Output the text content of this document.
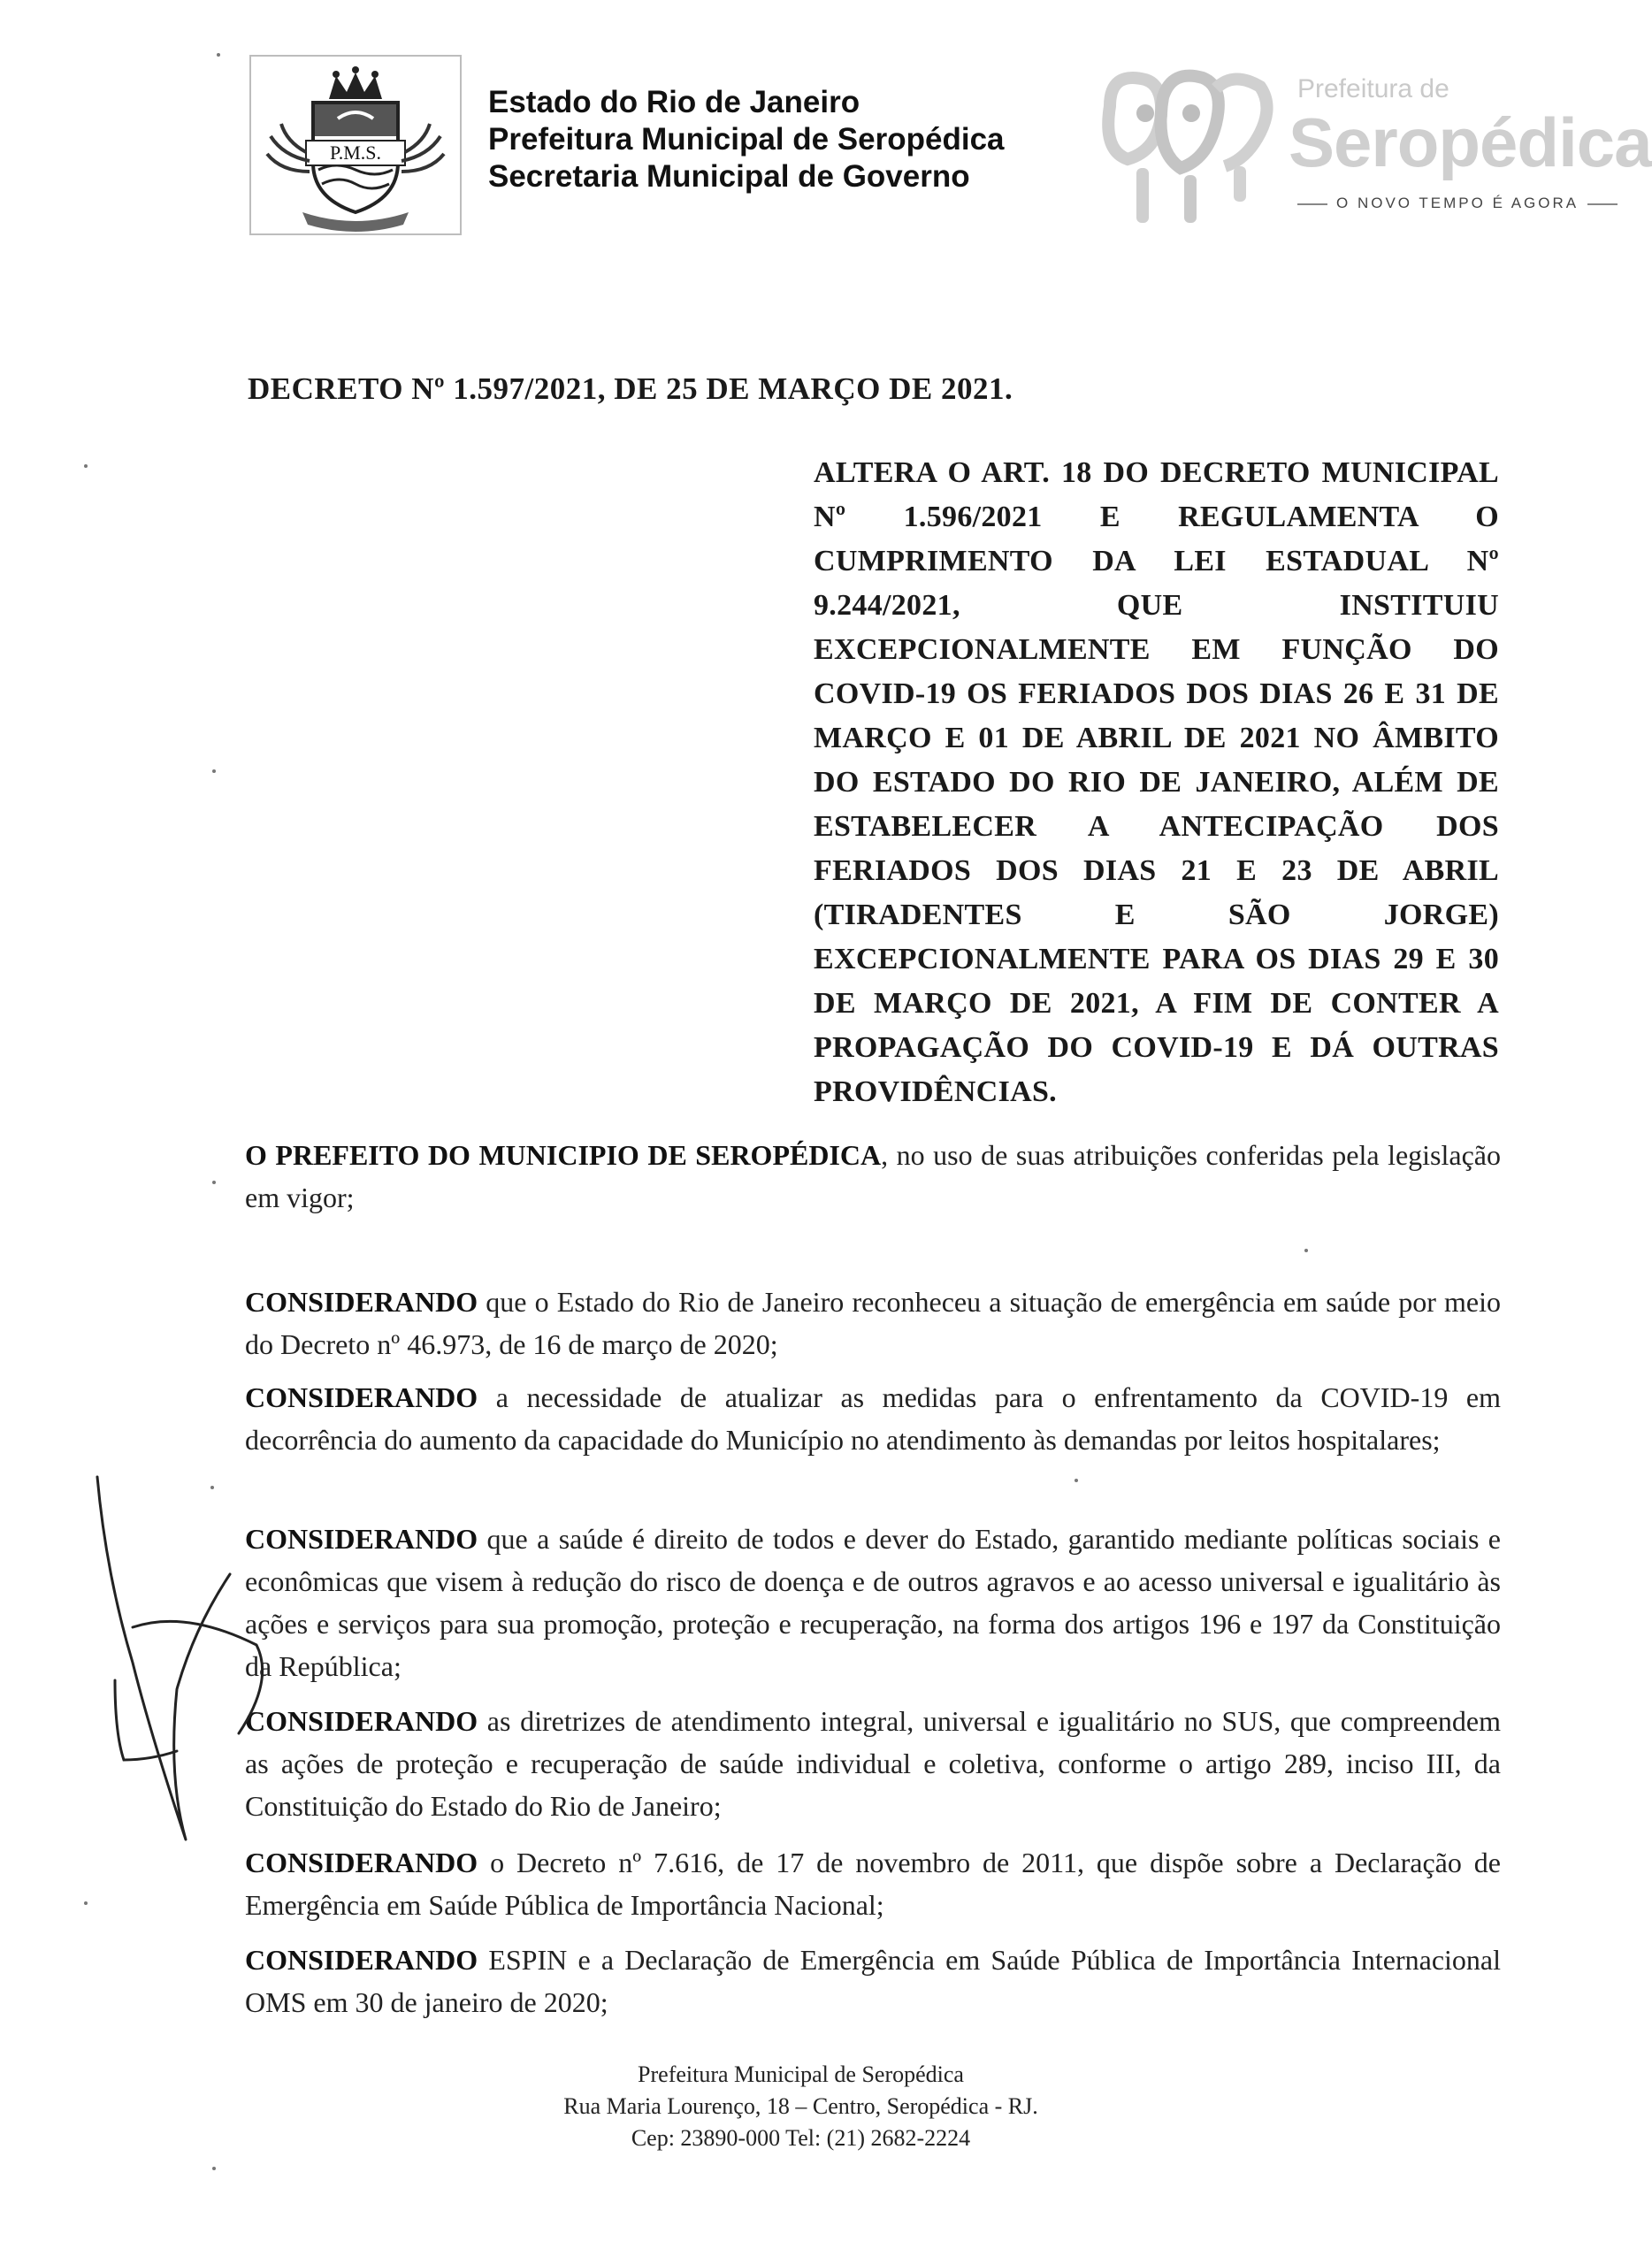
P.M.S.
Estado do Rio de Janeiro
Prefeitura Municipal de Seropédica
Secretaria Municipal de Governo
Prefeitura de
Seropédica
O NOVO TEMPO É AGORA
DECRETO Nº 1.597/2021, DE 25 DE MARÇO DE 2021.
ALTERA O ART. 18 DO DECRETO MUNICIPAL Nº 1.596/2021 E REGULAMENTA O CUMPRIMENTO DA LEI ESTADUAL Nº 9.244/2021, QUE INSTITUIU EXCEPCIONALMENTE EM FUNÇÃO DO COVID-19 OS FERIADOS DOS DIAS 26 E 31 DE MARÇO E 01 DE ABRIL DE 2021 NO ÂMBITO DO ESTADO DO RIO DE JANEIRO, ALÉM DE ESTABELECER A ANTECIPAÇÃO DOS FERIADOS DOS DIAS 21 E 23 DE ABRIL (TIRADENTES E SÃO JORGE) EXCEPCIONALMENTE PARA OS DIAS 29 E 30 DE MARÇO DE 2021, A FIM DE CONTER A PROPAGAÇÃO DO COVID-19 E DÁ OUTRAS PROVIDÊNCIAS.
O PREFEITO DO MUNICIPIO DE SEROPÉDICA, no uso de suas atribuições conferidas pela legislação em vigor;
CONSIDERANDO que o Estado do Rio de Janeiro reconheceu a situação de emergência em saúde por meio do Decreto nº 46.973, de 16 de março de 2020;
CONSIDERANDO a necessidade de atualizar as medidas para o enfrentamento da COVID-19 em decorrência do aumento da capacidade do Município no atendimento às demandas por leitos hospitalares;
CONSIDERANDO que a saúde é direito de todos e dever do Estado, garantido mediante políticas sociais e econômicas que visem à redução do risco de doença e de outros agravos e ao acesso universal e igualitário às ações e serviços para sua promoção, proteção e recuperação, na forma dos artigos 196 e 197 da Constituição da República;
CONSIDERANDO as diretrizes de atendimento integral, universal e igualitário no SUS, que compreendem as ações de proteção e recuperação de saúde individual e coletiva, conforme o artigo 289, inciso III, da Constituição do Estado do Rio de Janeiro;
CONSIDERANDO o Decreto nº 7.616, de 17 de novembro de 2011, que dispõe sobre a Declaração de Emergência em Saúde Pública de Importância Nacional;
CONSIDERANDO ESPIN e a Declaração de Emergência em Saúde Pública de Importância Internacional OMS em 30 de janeiro de 2020;
Prefeitura Municipal de Seropédica
Rua Maria Lourenço, 18 – Centro, Seropédica - RJ.
Cep: 23890-000 Tel: (21) 2682-2224
